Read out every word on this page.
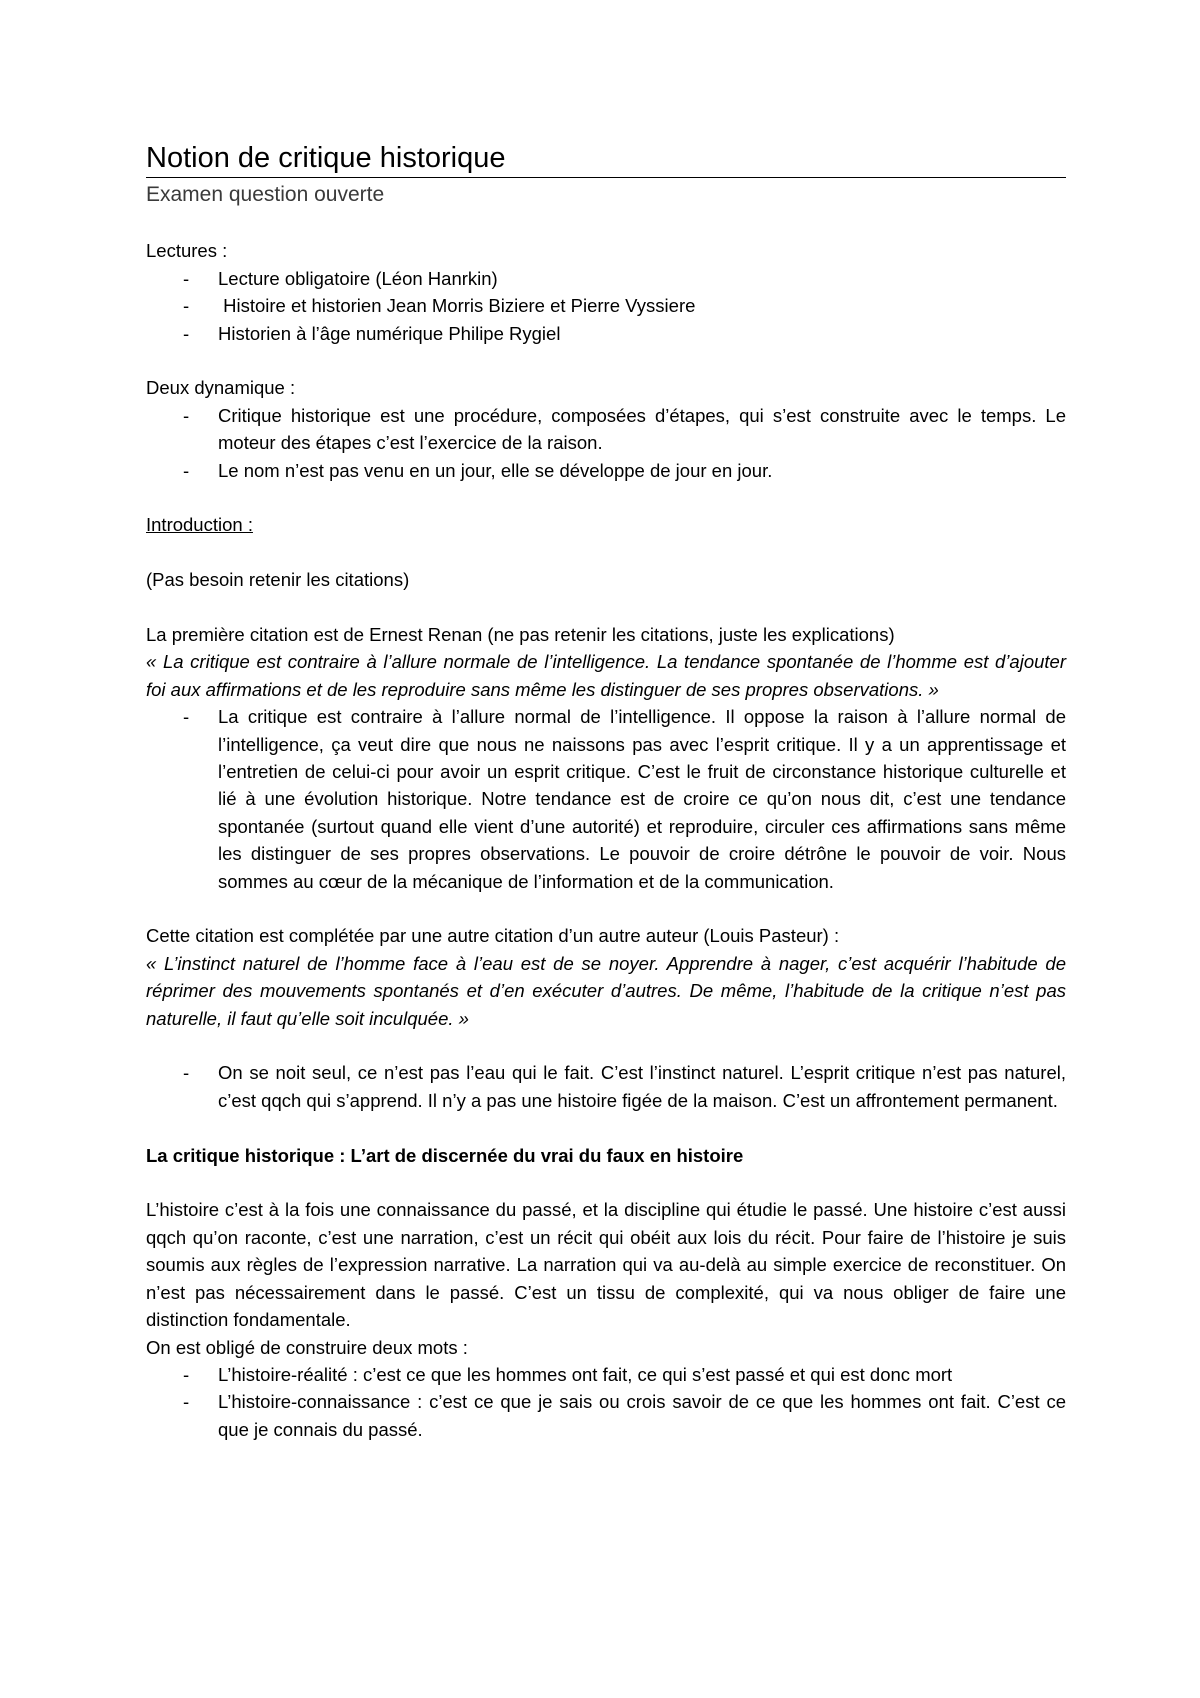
Notion de critique historique

Examen question ouverte

Lectures :

- Lecture obligatoire (Léon Hanrkin)
- Histoire et historien Jean Morris Biziere et Pierre Vyssiere
- Historien à l’âge numérique Philipe Rygiel

Deux dynamique :

- Critique historique est une procédure, composées d’étapes, qui s’est construite avec le temps. Le moteur des étapes c’est l’exercice de la raison.
- Le nom n’est pas venu en un jour, elle se développe de jour en jour.

Introduction :

(Pas besoin retenir les citations)

La première citation est de Ernest Renan (ne pas retenir les citations, juste les explications)

« La critique est contraire à l’allure normale de l’intelligence. La tendance spontanée de l’homme est d’ajouter foi aux affirmations et de les reproduire sans même les distinguer de ses propres observations. »

- La critique est contraire à l’allure normal de l’intelligence. Il oppose la raison à l’allure normal de l’intelligence, ça veut dire que nous ne naissons pas avec l’esprit critique. Il y a un apprentissage et l’entretien de celui-ci pour avoir un esprit critique. C’est le fruit de circonstance historique culturelle et lié à une évolution historique. Notre tendance est de croire ce qu’on nous dit, c’est une tendance spontanée (surtout quand elle vient d’une autorité) et reproduire, circuler ces affirmations sans même les distinguer de ses propres observations. Le pouvoir de croire détrône le pouvoir de voir. Nous sommes au cœur de la mécanique de l’information et de la communication.

Cette citation est complétée par une autre citation d’un autre auteur (Louis Pasteur) :

« L’instinct naturel de l’homme face à l’eau est de se noyer. Apprendre à nager, c’est acquérir l’habitude de réprimer des mouvements spontanés et d’en exécuter d’autres. De même, l’habitude de la critique n’est pas naturelle, il faut qu’elle soit inculquée. »

- On se noit seul, ce n’est pas l’eau qui le fait. C’est l’instinct naturel. L’esprit critique n’est pas naturel, c’est qqch qui s’apprend. Il n’y a pas une histoire figée de la maison. C’est un affrontement permanent.

La critique historique : L’art de discernée du vrai du faux en histoire

L’histoire c’est à la fois une connaissance du passé, et la discipline qui étudie le passé. Une histoire c’est aussi qqch qu’on raconte, c’est une narration, c’est un récit qui obéit aux lois du récit. Pour faire de l’histoire je suis soumis aux règles de l’expression narrative. La narration qui va au-delà au simple exercice de reconstituer. On n’est pas nécessairement dans le passé. C’est un tissu de complexité, qui va nous obliger de faire une distinction fondamentale.

On est obligé de construire deux mots :

- L’histoire-réalité : c’est ce que les hommes ont fait, ce qui s’est passé et qui est donc mort
- L’histoire-connaissance : c’est ce que je sais ou crois savoir de ce que les hommes ont fait. C’est ce que je connais du passé.
